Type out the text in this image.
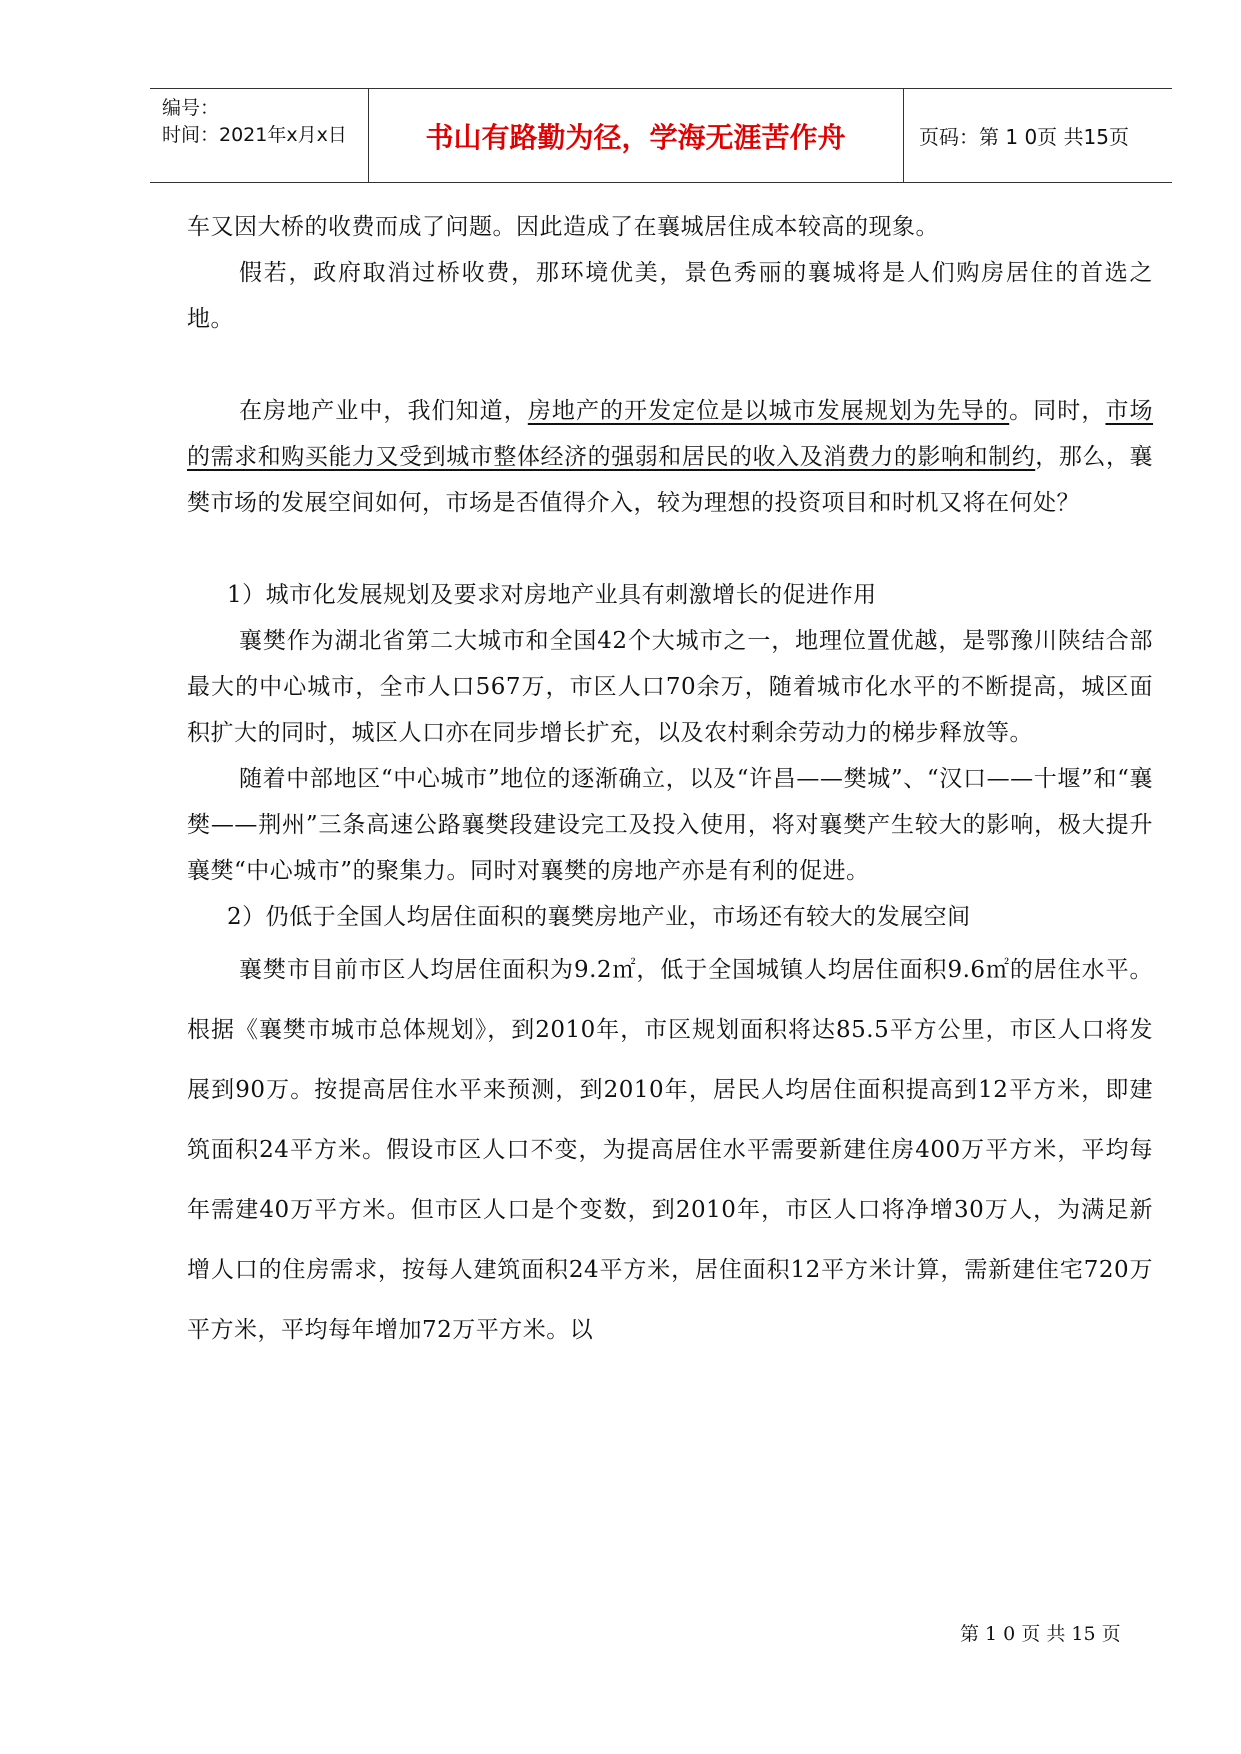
编号：
时间：2021年x月x日	书山有路勤为径，学海无涯苦作舟	页码：第 1 0页 共15页

车又因大桥的收费而成了问题。因此造成了在襄城居住成本较高的现象。

假若，政府取消过桥收费，那环境优美，景色秀丽的襄城将是人们购房居住的首选之地。

在房地产业中，我们知道，房地产的开发定位是以城市发展规划为先导的。同时，市场的需求和购买能力又受到城市整体经济的强弱和居民的收入及消费力的影响和制约，那么，襄樊市场的发展空间如何，市场是否值得介入，较为理想的投资项目和时机又将在何处？

1）城市化发展规划及要求对房地产业具有刺激增长的促进作用

襄樊作为湖北省第二大城市和全国42个大城市之一，地理位置优越，是鄂豫川陕结合部最大的中心城市，全市人口567万，市区人口70余万，随着城市化水平的不断提高，城区面积扩大的同时，城区人口亦在同步增长扩充，以及农村剩余劳动力的梯步释放等。

随着中部地区“中心城市”地位的逐渐确立，以及“许昌——樊城”、“汉口——十堰”和“襄樊——荆州”三条高速公路襄樊段建设完工及投入使用，将对襄樊产生较大的影响，极大提升襄樊“中心城市”的聚集力。同时对襄樊的房地产亦是有利的促进。

2）仍低于全国人均居住面积的襄樊房地产业，市场还有较大的发展空间

襄樊市目前市区人均居住面积为9.2㎡，低于全国城镇人均居住面积9.6㎡的居住水平。根据《襄樊市城市总体规划》，到2010年，市区规划面积将达85.5平方公里，市区人口将发展到90万。按提高居住水平来预测，到2010年，居民人均居住面积提高到12平方米，即建筑面积24平方米。假设市区人口不变，为提高居住水平需要新建住房400万平方米，平均每年需建40万平方米。但市区人口是个变数，到2010年，市区人口将净增30万人，为满足新增人口的住房需求，按每人建筑面积24平方米，居住面积12平方米计算，需新建住宅720万平方米，平均每年增加72万平方米。以

第 1 0 页 共 15 页
